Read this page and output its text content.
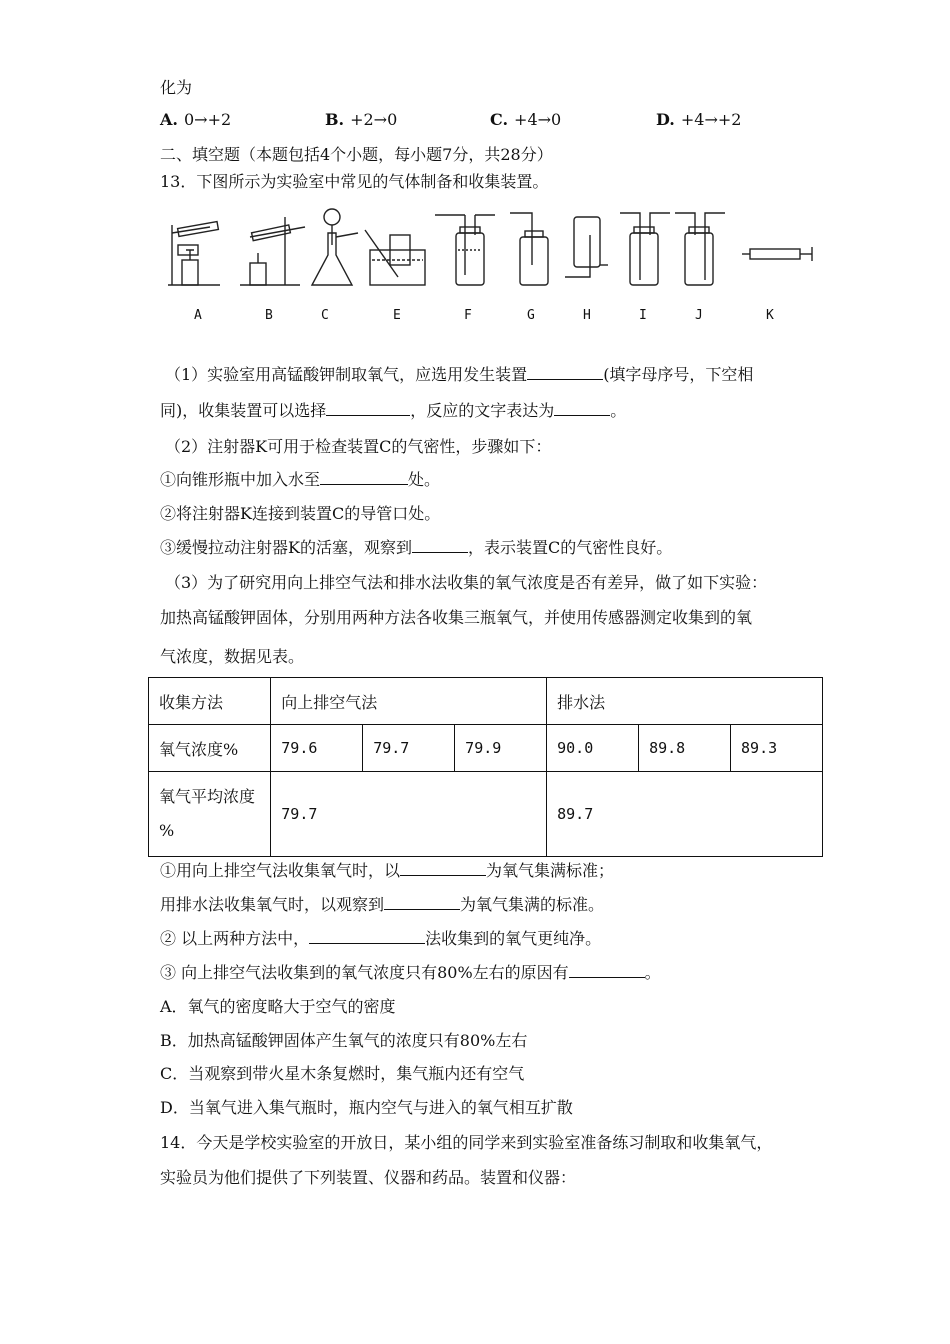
化为
A. 0→+2	B. +2→0	C. +4→0	D. +4→+2
二、填空题（本题包括4个小题，每小题7分，共28分）
13．下图所示为实验室中常见的气体制备和收集装置。
A	B	C	E	F	G	H	I	J	K
（1）实验室用高锰酸钾制取氧气，应选用发生装置	(填字母序号，下空相
同)，收集装置可以选择	，反应的文字表达为	。
（2）注射器K可用于检查装置C的气密性，步骤如下：
①向锥形瓶中加入水至	处。
②将注射器K连接到装置C的导管口处。
③缓慢拉动注射器K的活塞，观察到	，表示装置C的气密性良好。
（3）为了研究用向上排空气法和排水法收集的氧气浓度是否有差异，做了如下实验：
加热高锰酸钾固体，分别用两种方法各收集三瓶氧气，并使用传感器测定收集到的氧
气浓度，数据见表。
收集方法	向上排空气法			排水法		
氧气浓度%	79.6	79.7	79.9	90.0	89.8	89.3
氧气平均浓度
%	79.7			89.7		
①用向上排空气法收集氧气时，以	为氧气集满标准；
用排水法收集氧气时，以观察到	为氧气集满的标准。
② 以上两种方法中，	法收集到的氧气更纯净。
③ 向上排空气法收集到的氧气浓度只有80%左右的原因有	。
A．氧气的密度略大于空气的密度
B．加热高锰酸钾固体产生氧气的浓度只有80%左右
C．当观察到带火星木条复燃时，集气瓶内还有空气
D．当氧气进入集气瓶时，瓶内空气与进入的氧气相互扩散
14．今天是学校实验室的开放日，某小组的同学来到实验室准备练习制取和收集氧气，
实验员为他们提供了下列装置、仪器和药品。装置和仪器：
